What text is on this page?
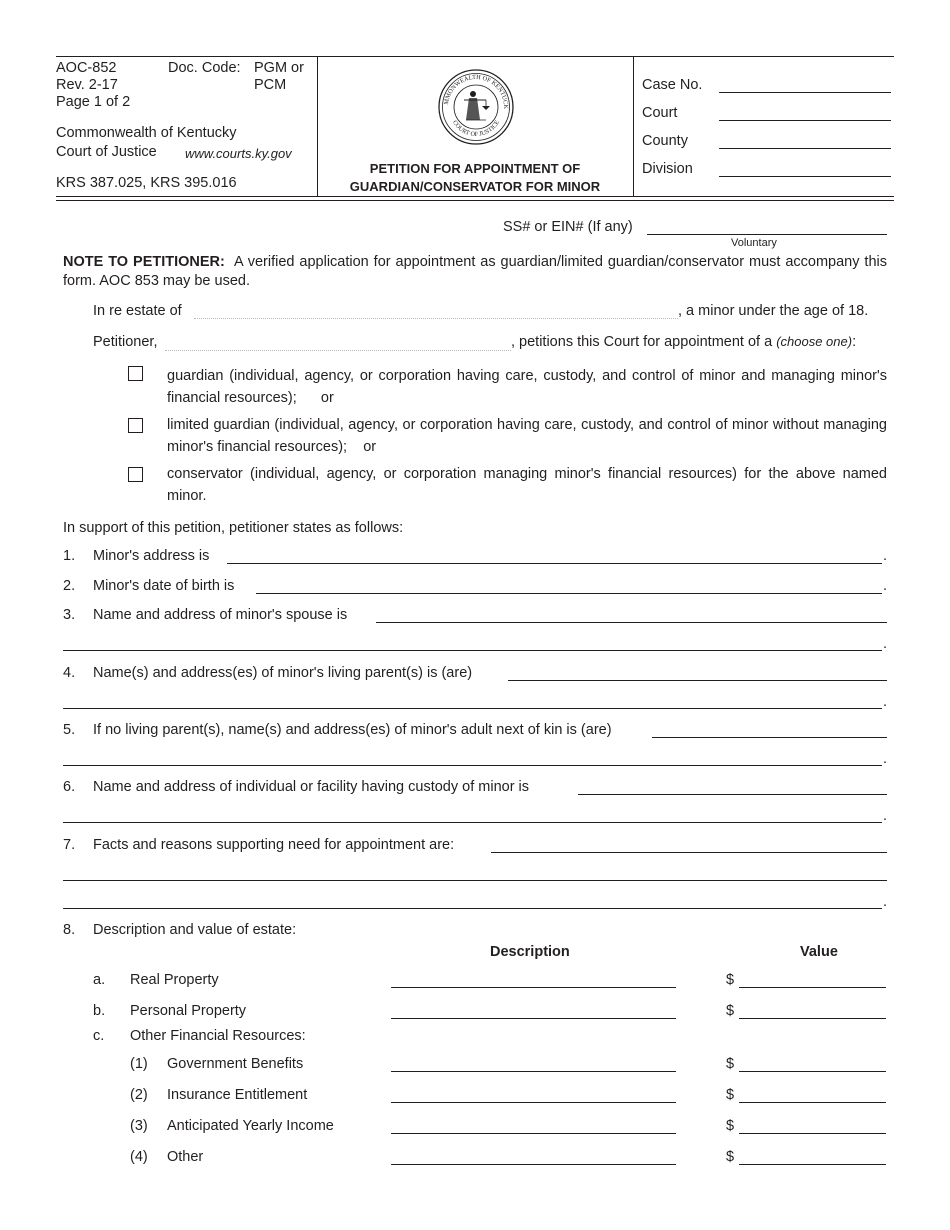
AOC-852
Rev. 2-17
Page 1 of 2
Doc. Code: PGM or
PCM
Commonwealth of Kentucky
Court of Justice www.courts.ky.gov
KRS 387.025, KRS 395.016
MMONWEALTH OF KENTUCK
COURT OF JUSTICE
PETITION FOR APPOINTMENT OF
GUARDIAN/CONSERVATOR FOR MINOR
Case No.
Court
County
Division
SS# or EIN# (If any)
Voluntary
NOTE TO PETITIONER: A verified application for appointment as guardian/limited guardian/conservator must accompany this form. AOC 853 may be used.
In re estate of	, a minor under the age of 18.
Petitioner,	, petitions this Court for appointment of a (choose one):
guardian (individual, agency, or corporation having care, custody, and control of minor and managing minor's financial resources); or
limited guardian (individual, agency, or corporation having care, custody, and control of minor without managing minor's financial resources); or
conservator (individual, agency, or corporation managing minor's financial resources) for the above named minor.
In support of this petition, petitioner states as follows:
1. Minor's address is	.
2. Minor's date of birth is	.
3. Name and address of minor's spouse is
.
4. Name(s) and address(es) of minor's living parent(s) is (are)
.
5. If no living parent(s), name(s) and address(es) of minor's adult next of kin is (are)
.
6. Name and address of individual or facility having custody of minor is
.
7. Facts and reasons supporting need for appointment are:
.
8. Description and value of estate:
Description	Value
a. Real Property	$
b. Personal Property	$
c. Other Financial Resources:
(1) Government Benefits	$
(2) Insurance Entitlement	$
(3) Anticipated Yearly Income	$
(4) Other	$
